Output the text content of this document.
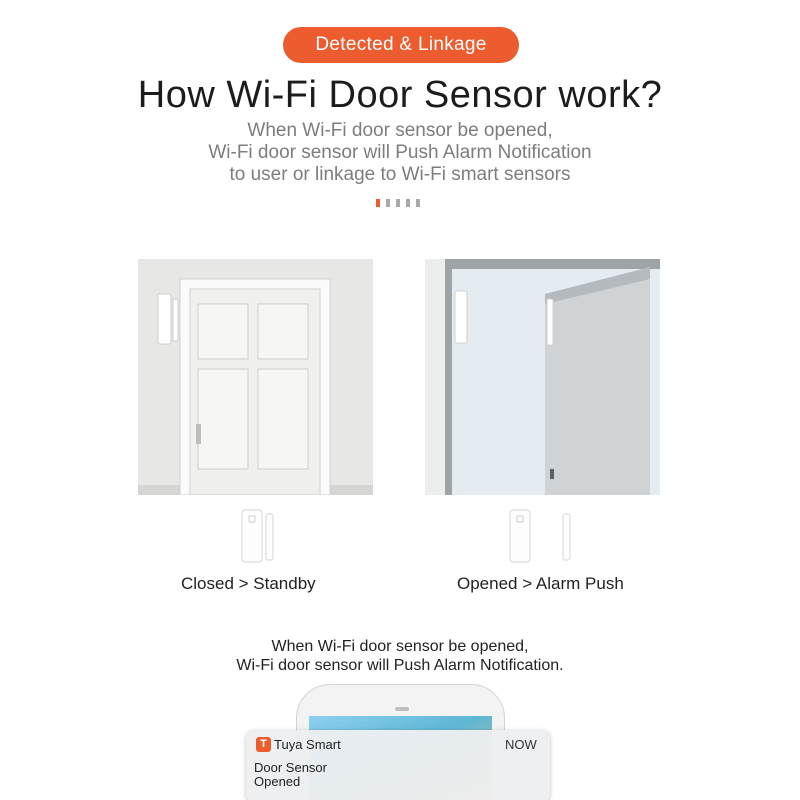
Detected & Linkage
How Wi-Fi Door Sensor work?
When Wi-Fi door sensor be opened,
Wi-Fi door sensor will Push Alarm Notification
to user or linkage to Wi-Fi smart sensors
Closed > Standby	Opened > Alarm Push
When Wi-Fi door sensor be opened,
Wi-Fi door sensor will Push Alarm Notification.
T Tuya Smart	NOW
Door Sensor
Opened
